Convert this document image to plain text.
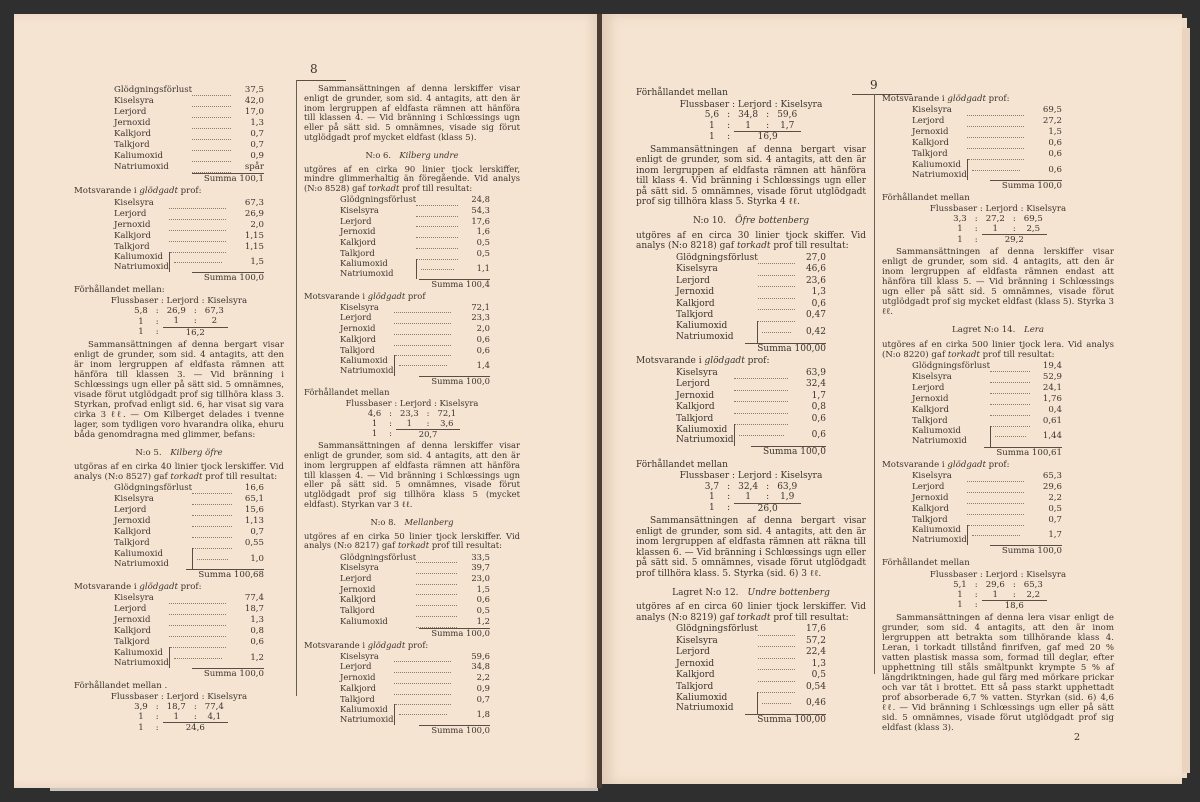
8
Glödgningsförlust		37,5
Kiselsyra		42,0
Lerjord		17,0
Jernoxid		1,3
Kalkjord		0,7
Talkjord		0,7
Kaliumoxid		0,9
Natriumoxid		spår
Summa 100,1
Motsvarande i glödgadt prof:
Kiselsyra		67,3
Lerjord		26,9
Jernoxid		2,0
Kalkjord		1,15
Talkjord		1,15
Kaliumoxid		1,5
Natriumoxid		
Summa 100,0
Förhållandet mellan:
Flussbaser : Lerjord : Kiselsyra
5,8	:	26,9	:	67,3
1	:	1	:	2
1	:	16,2		

Sammansättningen af denna bergart visar enligt de grunder, som sid. 4 antagits, att den är inom lergruppen af eldfasta rämnen att hänföra till klassen 3. — Vid bränning i Schlœssings ugn eller på sätt sid. 5 omnämnes, visade förut utglödgadt prof sig tillhöra klass 3. Styrkan, profvad enligt sid. 6, har visat sig vara cirka 3 ℓℓ. — Om Kilberget delades i tvenne lager, som tydligen voro hvarandra olika, ehuru båda genomdragna med glimmer, befans:

N:o 5.  Kilberg öfre

utgöras af en cirka 40 linier tjock lerskiffer. Vid analys (N:o 8527) gaf torkadt prof till resultat:

Glödgningsförlust		16,6
Kiselsyra		65,1
Lerjord		15,6
Jernoxid		1,13
Kalkjord		0,7
Talkjord		0,55
Kaliumoxid		1,0
Natriumoxid		
Summa 100,68
Motsvarande i glödgadt prof:
Kiselsyra		77,4
Lerjord		18,7
Jernoxid		1,3
Kalkjord		0,8
Talkjord		0,6
Kaliumoxid		1,2
Natriumoxid		
Summa 100,0
Förhållandet mellan .
Flussbaser : Lerjord : Kiselsyra
3,9	:	18,7	:	77,4
1	:	1	:	4,1
1	:	24,6		

Sammansättningen af denna lerskiffer visar enligt de grunder, som sid. 4 antagits, att den är inom lergruppen af eldfasta rämnen att hänföra till klassen 4. — Vid bränning i Schlœssings ugn eller på sätt sid. 5 omnämnes, visade sig förut utglödgadt prof mycket eldfast (klass 5).

N:o 6.  Kilberg undre

utgöres af en cirka 90 linier tjock lerskiffer, mindre glimmerhaltig än föregående. Vid analys (N:o 8528) gaf torkadt prof till resultat:

Glödgningsförlust		24,8
Kiselsyra		54,3
Lerjord		17,6
Jernoxid		1,6
Kalkjord		0,5
Talkjord		0,5
Kaliumoxid		1,1
Natriumoxid		
Summa 100,4
Motsvarande i glödgadt prof
Kiselsyra		72,1
Lerjord		23,3
Jernoxid		2,0
Kalkjord		0,6
Talkjord		0,6
Kaliumoxid		1,4
Natriumoxid		
Summa 100,0
Förhållandet mellan
Flussbaser : Lerjord : Kiselsyra
4,6	:	23,3	:	72,1
1	:	1	:	3,6
1	:	20,7		

Sammansättningen af denna lerskiffer visar enligt de grunder, som sid. 4 antagits, att den är inom lergruppen af eldfasta rämnen att hänföra till klassen 4. — Vid bränning i Schlœssings ugn eller på sätt sid. 5 omnämnes, visade förut utglödgadt prof sig tillhöra klass 5 (mycket eldfast). Styrkan var 3 ℓℓ.

N:o 8.  Mellanberg

utgöres af en cirka 50 linier tjock lerskiffer. Vid analys (N:o 8217) gaf torkadt prof till resultat:

Glödgningsförlust		33,5
Kiselsyra		39,7
Lerjord		23,0
Jernoxid		1,5
Kalkjord		0,6
Talkjord		0,5
Kaliumoxid		1,2
Summa 100,0
Motsvarande i glödgadt prof:
Kiselsyra		59,6
Lerjord		34,8
Jernoxid		2,2
Kalkjord		0,9
Talkjord		0,7
Kaliumoxid		1,8
Natriumoxid		
Summa 100,0
9
Förhållandet mellan
Flussbaser : Lerjord : Kiselsyra
5,6	:	34,8	:	59,6
1	:	1	:	1,7
1	:	16,9		

Sammansättningen af denna bergart visar enligt de grunder, som sid. 4 antagits, att den är inom lergruppen af eldfasta rämnen att hänföra till klass 4. Vid bränning i Schlœssings ugn eller på sätt sid. 5 omnämnes, visade förut utglödgadt prof sig tillhöra klass 5. Styrka 4 ℓℓ.

N:o 10.  Öfre bottenberg

utgöres af en circa 30 linier tjock skiffer. Vid analys (N:o 8218) gaf torkadt prof till resultat:

Glödgningsförlust		27,0
Kiselsyra		46,6
Lerjord		23,6
Jernoxid		1,3
Kalkjord		0,6
Talkjord		0,47
Kaliumoxid		0,42
Natriumoxid		
Summa 100,00
Motsvarande i glödgadt prof:
Kiselsyra		63,9
Lerjord		32,4
Jernoxid		1,7
Kalkjord		0,8
Talkjord		0,6
Kaliumoxid		0,6
Natriumoxid		
Summa 100,0
Förhållandet mellan
Flussbaser : Lerjord : Kiselsyra
3,7	:	32,4	:	63,9
1	:	1	:	1,9
1	:	26,0		

Sammansättningen af denna bergart visar enligt de grunder, som sid. 4 antagits, att den är inom lergruppen af eldfasta rämnen att räkna till klassen 6. — Vid bränning i Schlœssings ugn eller på sätt sid. 5 omnämnes, visade förut utglödgadt prof tillhöra klass. 5. Styrka (sid. 6) 3 ℓℓ.

Lagret N:o 12.  Undre bottenberg

utgöres af en circa 60 linier tjock lerskiffer. Vid analys (N:o 8219) gaf torkadt prof till resultat:

Glödgningsförlust		17,6
Kiselsyra		57,2
Lerjord		22,4
Jernoxid		1,3
Kalkjord		0,5
Talkjord		0,54
Kaliumoxid		0,46
Natriumoxid		
Summa 100,00
Motsvarande i glödgadt prof:
Kiselsyra		69,5
Lerjord		27,2
Jernoxid		1,5
Kalkjord		0,6
Talkjord		0,6
Kaliumoxid		0,6
Natriumoxid		
Summa 100,0
Förhållandet mellan
Flussbaser : Lerjord : Kiselsyra
3,3	:	27,2	:	69,5
1	:	1	:	2,5
1	:	29,2		

Sammansättningen af denna lerskiffer visar enligt de grunder, som sid. 4 antagits, att den är inom lergruppen af eldfasta rämnen endast att hänföra till klass 5. — Vid bränning i Schlœssings ugn eller på sätt sid. 5 omnämnes, visade förut utglödgadt prof sig mycket eldfast (klass 5). Styrka 3 ℓℓ.

Lagret N:o 14.  Lera

utgöres af en cirka 500 linier tjock lera. Vid analys (N:o 8220) gaf torkadt prof till resultat:

Glödgningsförlust		19,4
Kiselsyra		52,9
Lerjord		24,1
Jernoxid		1,76
Kalkjord		0,4
Talkjord		0,61
Kaliumoxid		1,44
Natriumoxid		
Summa 100,61
Motsvarande i glödgadt prof:
Kiselsyra		65,3
Lerjord		29,6
Jernoxid		2,2
Kalkjord		0,5
Talkjord		0,7
Kaliumoxid		1,7
Natriumoxid		
Summa 100,0
Förhållandet mellan
Flussbaser : Lerjord : Kiselsyra
5,1	:	29,6	:	65,3
1	:	1	:	2,2
1	:	18,6		

Sammansättningen af denna lera visar enligt de grunder, som sid. 4 antagits, att den är inom lergruppen att betrakta som tillhörande klass 4. Leran, i torkadt tillstånd finrifven, gaf med 20 % vatten plastisk massa som, formad till deglar, efter upphettning till ståls smältpunkt krympte 5 % af längdriktningen, hade gul färg med mörkare prickar och var tät i brottet. Ett så pass starkt upphettadt prof absorberade 6,7 % vatten. Styrkan (sid. 6) 4,6 ℓℓ. — Vid bränning i Schlœssings ugn eller på sätt sid. 5 omnämnes, visade förut utglödgadt prof sig eldfast (klass 3).

2
